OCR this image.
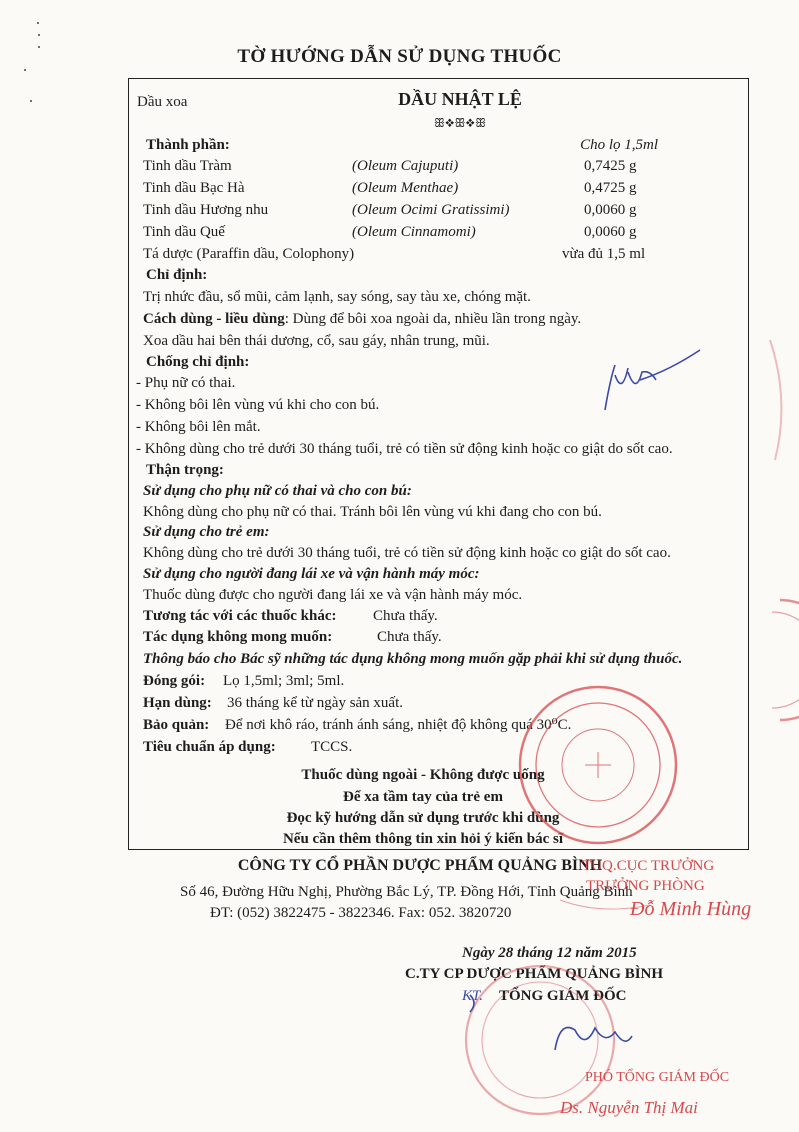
TỜ HƯỚNG DẪN SỬ DỤNG THUỐC
Dầu xoa	DẦU NHẬT LỆ
ꕥ❖ꕥ❖ꕥ
Thành phần:	Cho lọ 1,5ml
Tinh dầu Tràm	(Oleum Cajuputi)	0,7425 g
Tinh dầu Bạc Hà	(Oleum Menthae)	0,4725 g
Tinh dầu Hương nhu	(Oleum Ocimi Gratissimi)	0,0060 g
Tinh dầu Quế	(Oleum Cinnamomi)	0,0060 g
Tá dược (Paraffin dầu, Colophony)	vừa đủ 1,5 ml
Chỉ định:
Trị nhức đầu, sổ mũi, cảm lạnh, say sóng, say tàu xe, chóng mặt.
Cách dùng - liều dùng: Dùng để bôi xoa ngoài da, nhiều lần trong ngày.
Xoa dầu hai bên thái dương, cổ, sau gáy, nhân trung, mũi.
Chống chỉ định:
- Phụ nữ có thai.
- Không bôi lên vùng vú khi cho con bú.
- Không bôi lên mắt.
- Không dùng cho trẻ dưới 30 tháng tuổi, trẻ có tiền sử động kinh hoặc co giật do sốt cao.
Thận trọng:
Sử dụng cho phụ nữ có thai và cho con bú:
Không dùng cho phụ nữ có thai. Tránh bôi lên vùng vú khi đang cho con bú.
Sử dụng cho trẻ em:
Không dùng cho trẻ dưới 30 tháng tuổi, trẻ có tiền sử động kinh hoặc co giật do sốt cao.
Sử dụng cho người đang lái xe và vận hành máy móc:
Thuốc dùng được cho người đang lái xe và vận hành máy móc.
Tương tác với các thuốc khác: Chưa thấy.
Tác dụng không mong muốn:	Chưa thấy.
Thông báo cho Bác sỹ những tác dụng không mong muốn gặp phải khi sử dụng thuốc.
Đóng gói: Lọ 1,5ml; 3ml; 5ml.
Hạn dùng: 36 tháng kể từ ngày sản xuất.
Bảo quản: Để nơi khô ráo, tránh ánh sáng, nhiệt độ không quá 30⁰C.
Tiêu chuẩn áp dụng: TCCS.
Thuốc dùng ngoài - Không được uống
Để xa tầm tay của trẻ em
Đọc kỹ hướng dẫn sử dụng trước khi dùng
Nếu cần thêm thông tin xin hỏi ý kiến bác sĩ
CÔNG TY CỔ PHẦN DƯỢC PHẨM QUẢNG BÌNH
Số 46, Đường Hữu Nghị, Phường Bắc Lý, TP. Đồng Hới, Tỉnh Quảng Bình
ĐT: (052) 3822475 - 3822346. Fax: 052. 3820720
Ngày 28 tháng 12 năm 2015
C.TY CP DƯỢC PHẨM QUẢNG BÌNH
KT. TỔNG GIÁM ĐỐC
TUQ.CỤC TRƯỞNG
TRƯỞNG PHÒNG
Đỗ Minh Hùng
PHÓ TỔNG GIÁM ĐỐC
Ds. Nguyễn Thị Mai
